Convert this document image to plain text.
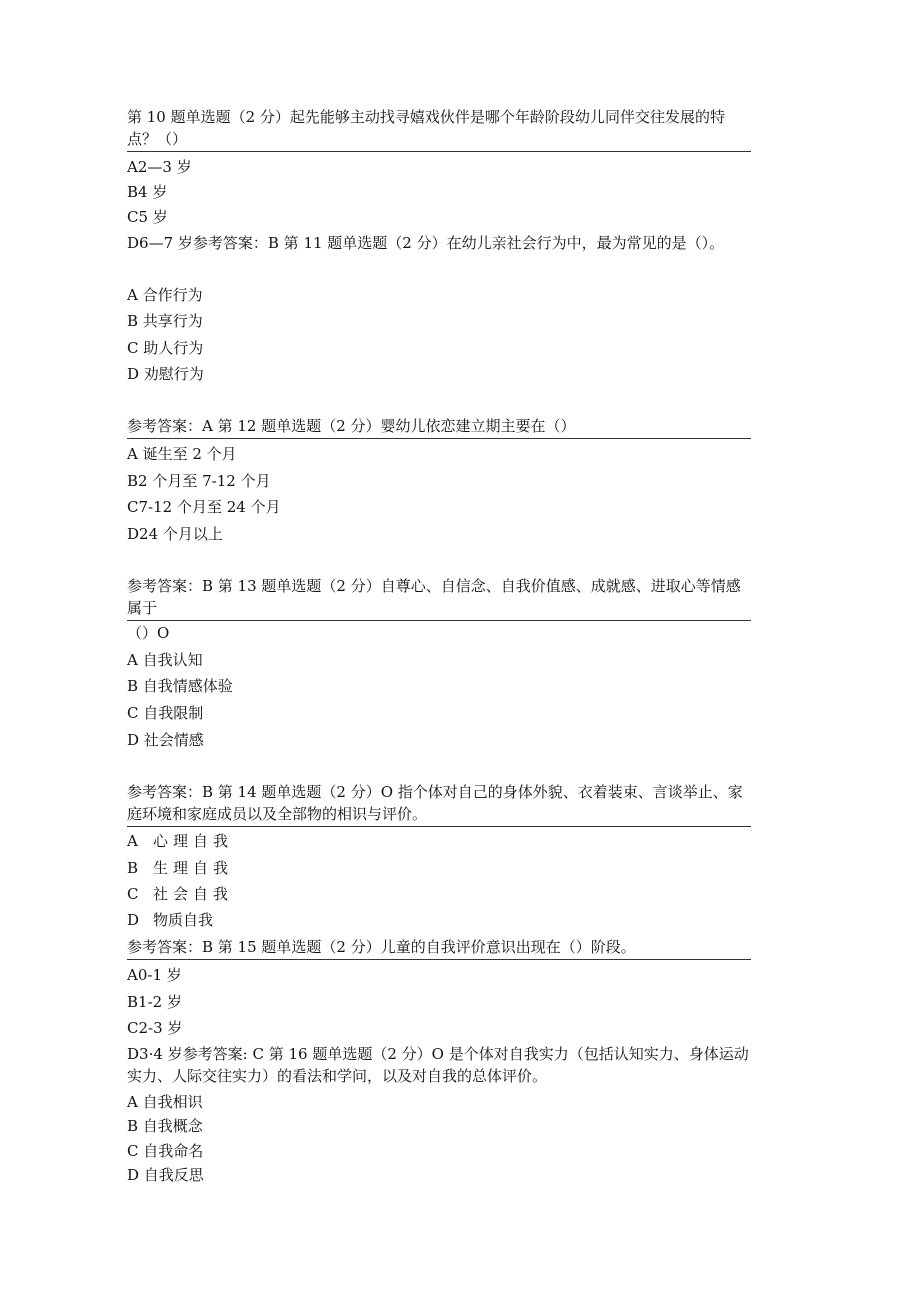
第 10 题单选题（2 分）起先能够主动找寻嬉戏伙伴是哪个年龄阶段幼儿同伴交往发展的特点？（）
A2—3 岁
B4 岁
C5 岁
D6—7 岁参考答案：B 第 11 题单选题（2 分）在幼儿亲社会行为中，最为常见的是（）。
A 合作行为
B 共享行为
C 助人行为
D 劝慰行为
参考答案：A 第 12 题单选题（2 分）婴幼儿依恋建立期主要在（）
A 诞生至 2 个月
B2 个月至 7-12 个月
C7-12 个月至 24 个月
D24 个月以上
参考答案：B 第 13 题单选题（2 分）自尊心、自信念、自我价值感、成就感、进取心等情感属于
（）O
A 自我认知
B 自我情感体验
C 自我限制
D 社会情感
参考答案：B 第 14 题单选题（2 分）O 指个体对自己的身体外貌、衣着装束、言谈举止、家庭环境和家庭成员以及全部物的相识与评价。
A 心理自我
B 生理自我
C 社会自我
D 物质自我
参考答案：B 第 15 题单选题（2 分）儿童的自我评价意识出现在（）阶段。
A0-1 岁
B1-2 岁
C2-3 岁
D3·4 岁参考答案: C 第 16 题单选题（2 分）O 是个体对自我实力（包括认知实力、身体运动实力、人际交往实力）的看法和学问，以及对自我的总体评价。
A 自我相识
B 自我概念
C 自我命名
D 自我反思
